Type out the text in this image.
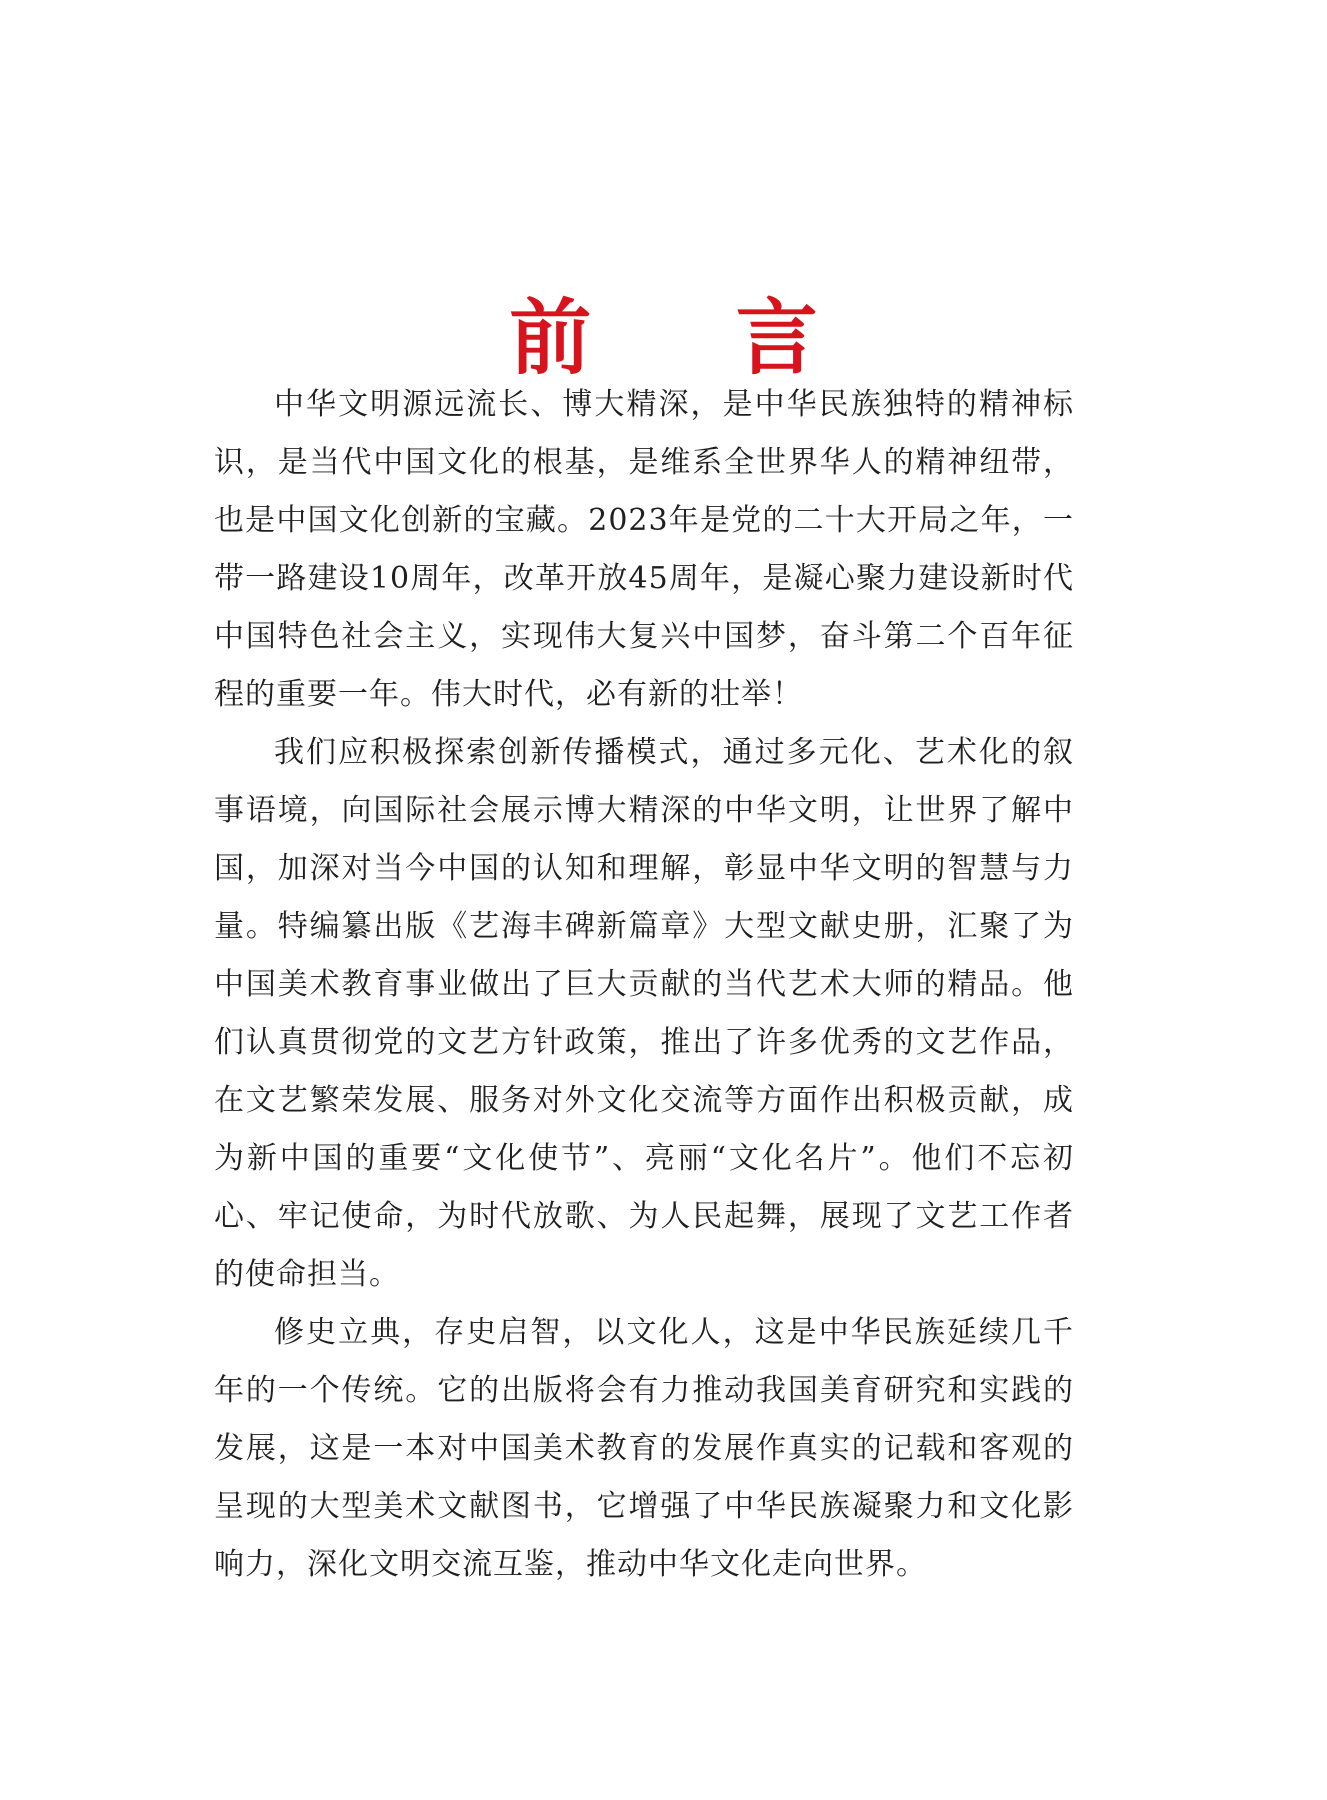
前 言

中华文明源远流长、博大精深，是中华民族独特的精神标识，是当代中国文化的根基，是维系全世界华人的精神纽带，也是中国文化创新的宝藏。2023年是党的二十大开局之年，一带一路建设10周年，改革开放45周年，是凝心聚力建设新时代中国特色社会主义，实现伟大复兴中国梦，奋斗第二个百年征程的重要一年。伟大时代，必有新的壮举！

我们应积极探索创新传播模式，通过多元化、艺术化的叙事语境，向国际社会展示博大精深的中华文明，让世界了解中国，加深对当今中国的认知和理解，彰显中华文明的智慧与力量。特编纂出版《艺海丰碑新篇章》大型文献史册，汇聚了为中国美术教育事业做出了巨大贡献的当代艺术大师的精品。他们认真贯彻党的文艺方针政策，推出了许多优秀的文艺作品，在文艺繁荣发展、服务对外文化交流等方面作出积极贡献，成为新中国的重要“文化使节”、亮丽“文化名片”。他们不忘初心、牢记使命，为时代放歌、为人民起舞，展现了文艺工作者的使命担当。

修史立典，存史启智，以文化人，这是中华民族延续几千年的一个传统。它的出版将会有力推动我国美育研究和实践的发展，这是一本对中国美术教育的发展作真实的记载和客观的呈现的大型美术文献图书，它增强了中华民族凝聚力和文化影响力，深化文明交流互鉴，推动中华文化走向世界。
